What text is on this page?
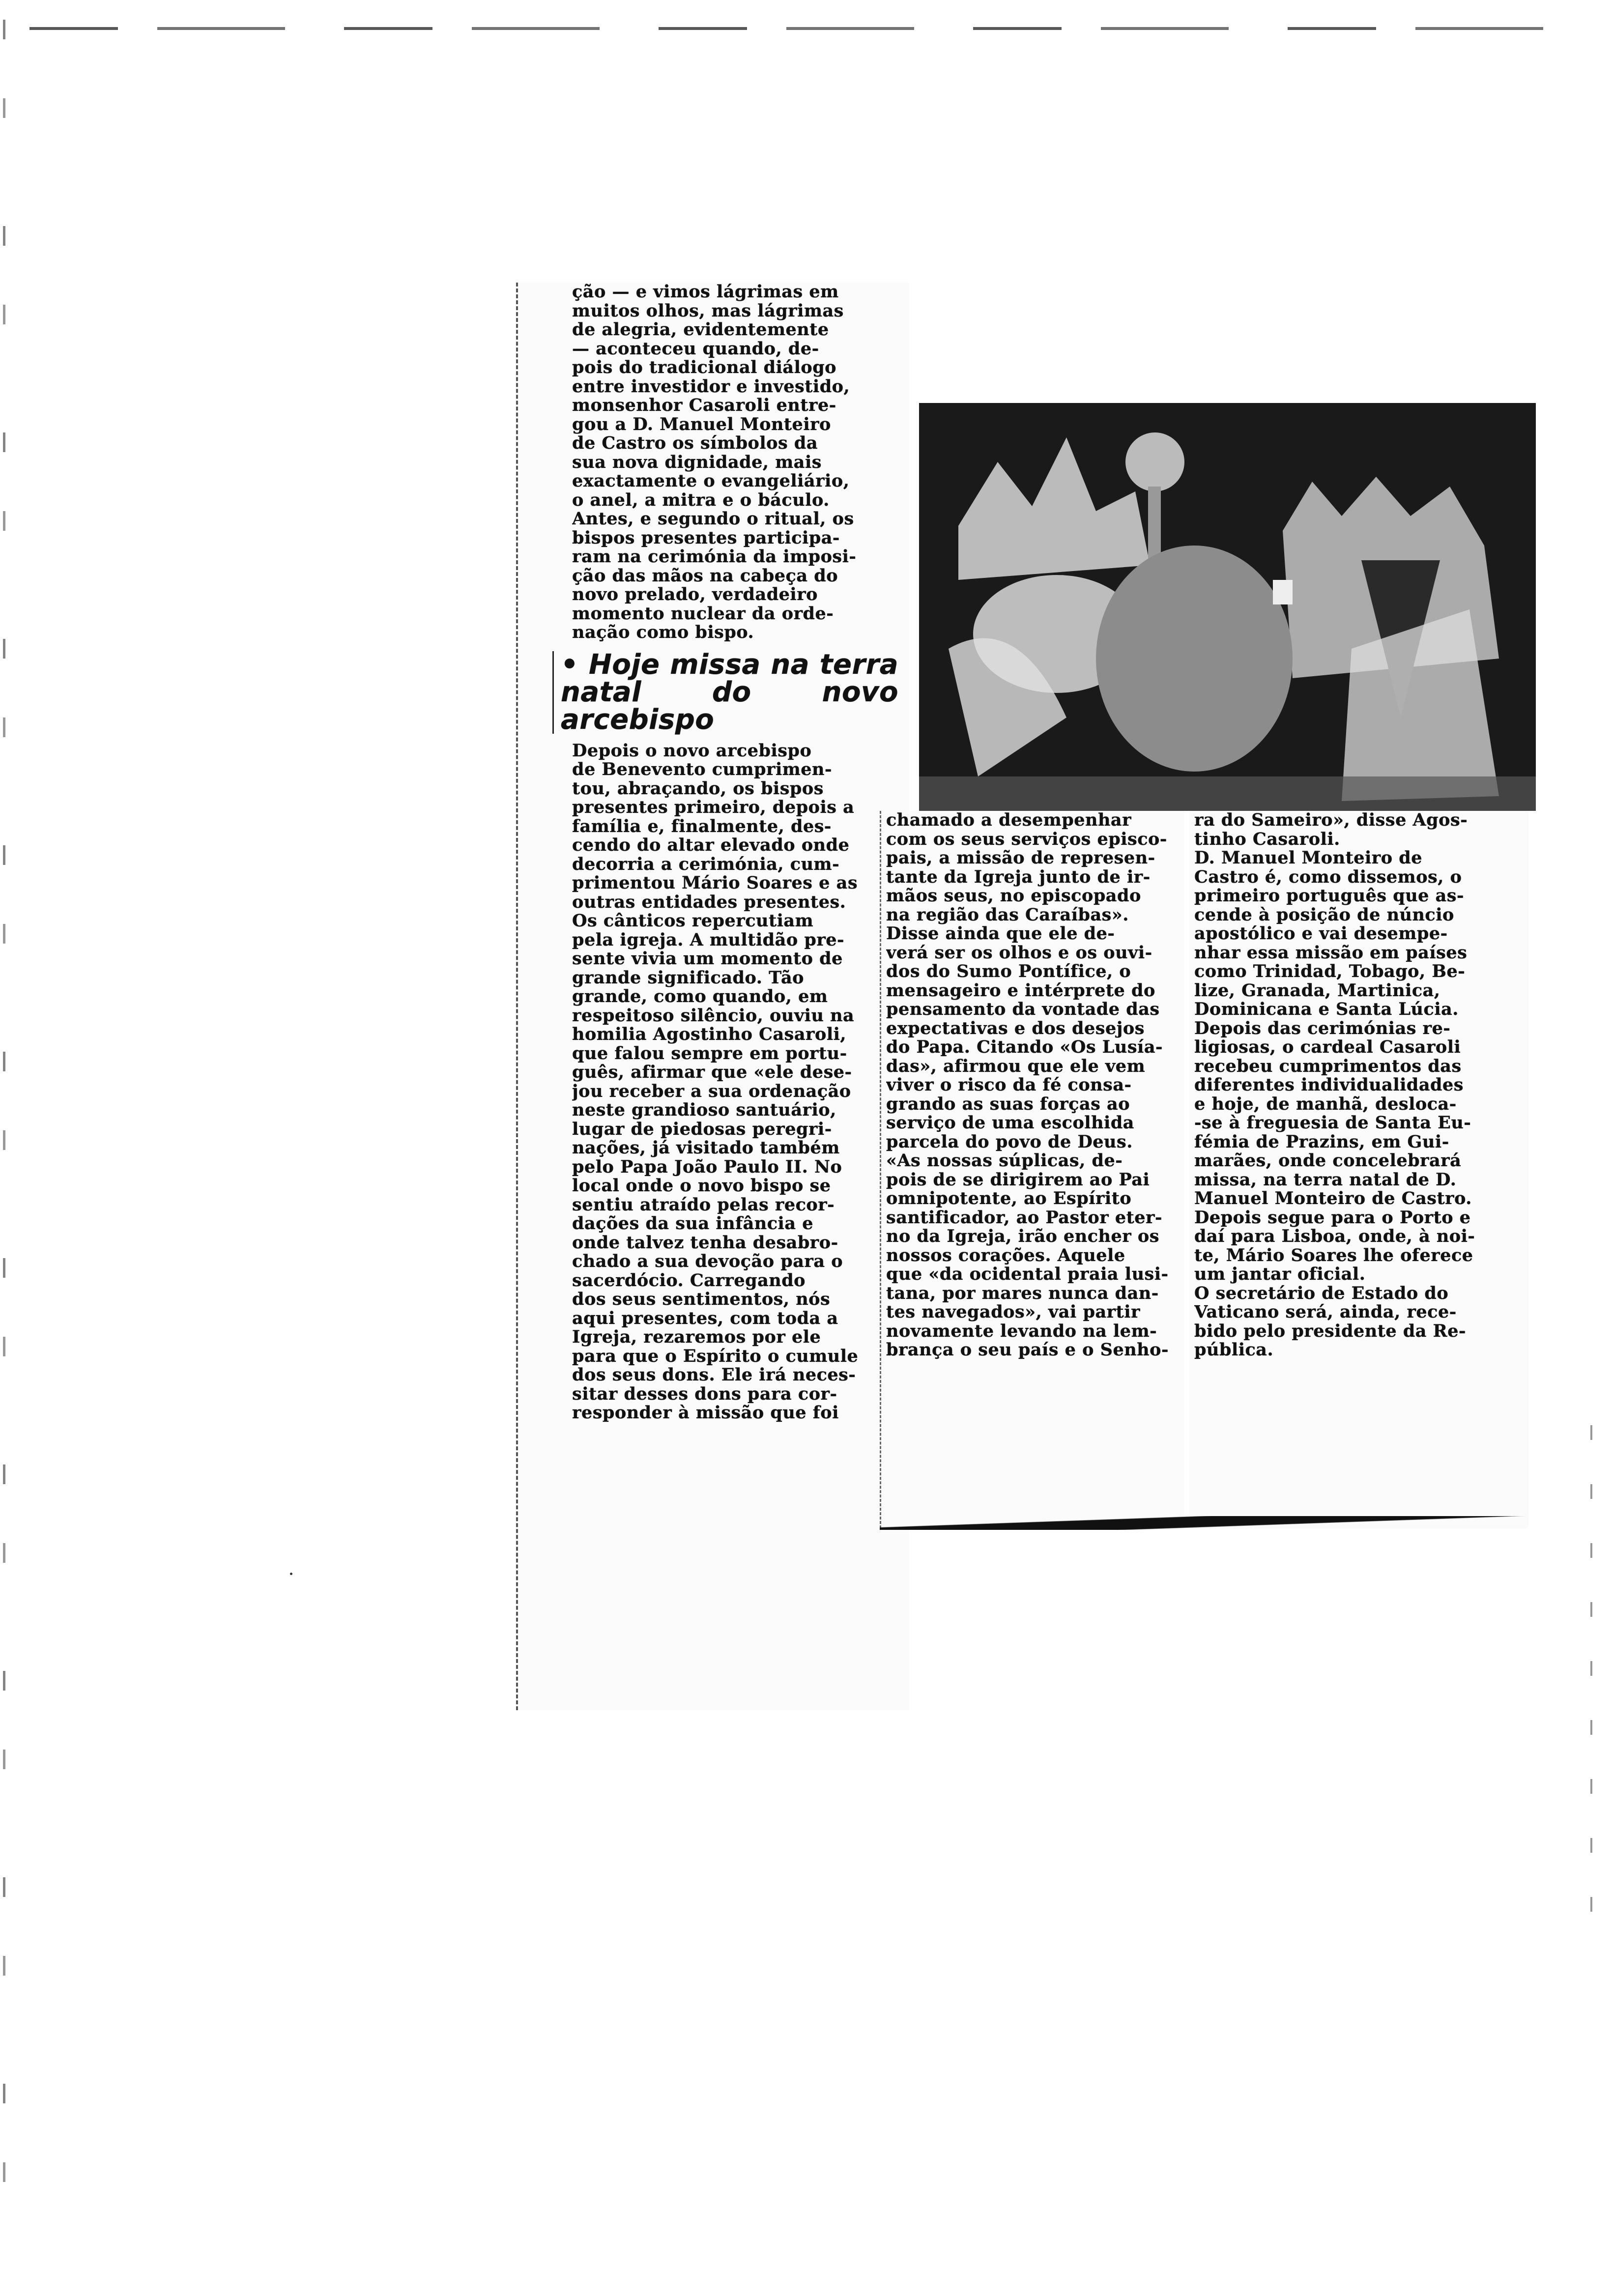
ção — e vimos lágrimas em
muitos olhos, mas lágrimas
de alegria, evidentemente
— aconteceu quando, de-
pois do tradicional diálogo
entre investidor e investido,
monsenhor Casaroli entre-
gou a D. Manuel Monteiro
de Castro os símbolos da
sua nova dignidade, mais
exactamente o evangeliário,
o anel, a mitra e o báculo.
Antes, e segundo o ritual, os
bispos presentes participa-
ram na cerimónia da imposi-
ção das mãos na cabeça do
novo prelado, verdadeiro
momento nuclear da orde-
nação como bispo.
• Hoje missa na terra natal do novo arcebispo
Depois o novo arcebispo
de Benevento cumprimen-
tou, abraçando, os bispos
presentes primeiro, depois a
família e, finalmente, des-
cendo do altar elevado onde
decorria a cerimónia, cum-
primentou Mário Soares e as
outras entidades presentes.
Os cânticos repercutiam
pela igreja. A multidão pre-
sente vivia um momento de
grande significado. Tão
grande, como quando, em
respeitoso silêncio, ouviu na
homilia Agostinho Casaroli,
que falou sempre em portu-
guês, afirmar que «ele dese-
jou receber a sua ordenação
neste grandioso santuário,
lugar de piedosas peregri-
nações, já visitado também
pelo Papa João Paulo II. No
local onde o novo bispo se
sentiu atraído pelas recor-
dações da sua infância e
onde talvez tenha desabro-
chado a sua devoção para o
sacerdócio. Carregando
dos seus sentimentos, nós
aqui presentes, com toda a
Igreja, rezaremos por ele
para que o Espírito o cumule
dos seus dons. Ele irá neces-
sitar desses dons para cor-
responder à missão que foi
chamado a desempenhar
com os seus serviços episco-
pais, a missão de represen-
tante da Igreja junto de ir-
mãos seus, no episcopado
na região das Caraíbas».
Disse ainda que ele de-
verá ser os olhos e os ouvi-
dos do Sumo Pontífice, o
mensageiro e intérprete do
pensamento da vontade das
expectativas e dos desejos
do Papa. Citando «Os Lusía-
das», afirmou que ele vem
viver o risco da fé consa-
grando as suas forças ao
serviço de uma escolhida
parcela do povo de Deus.
«As nossas súplicas, de-
pois de se dirigirem ao Pai
omnipotente, ao Espírito
santificador, ao Pastor eter-
no da Igreja, irão encher os
nossos corações. Aquele
que «da ocidental praia lusi-
tana, por mares nunca dan-
tes navegados», vai partir
novamente levando na lem-
brança o seu país e o Senho-
ra do Sameiro», disse Agos-
tinho Casaroli.
D. Manuel Monteiro de
Castro é, como dissemos, o
primeiro português que as-
cende à posição de núncio
apostólico e vai desempe-
nhar essa missão em países
como Trinidad, Tobago, Be-
lize, Granada, Martinica,
Dominicana e Santa Lúcia.
Depois das cerimónias re-
ligiosas, o cardeal Casaroli
recebeu cumprimentos das
diferentes individualidades
e hoje, de manhã, desloca-
-se à freguesia de Santa Eu-
fémia de Prazins, em Gui-
marães, onde concelebrará
missa, na terra natal de D.
Manuel Monteiro de Castro.
Depois segue para o Porto e
daí para Lisboa, onde, à noi-
te, Mário Soares lhe oferece
um jantar oficial.
O secretário de Estado do
Vaticano será, ainda, rece-
bido pelo presidente da Re-
pública.
